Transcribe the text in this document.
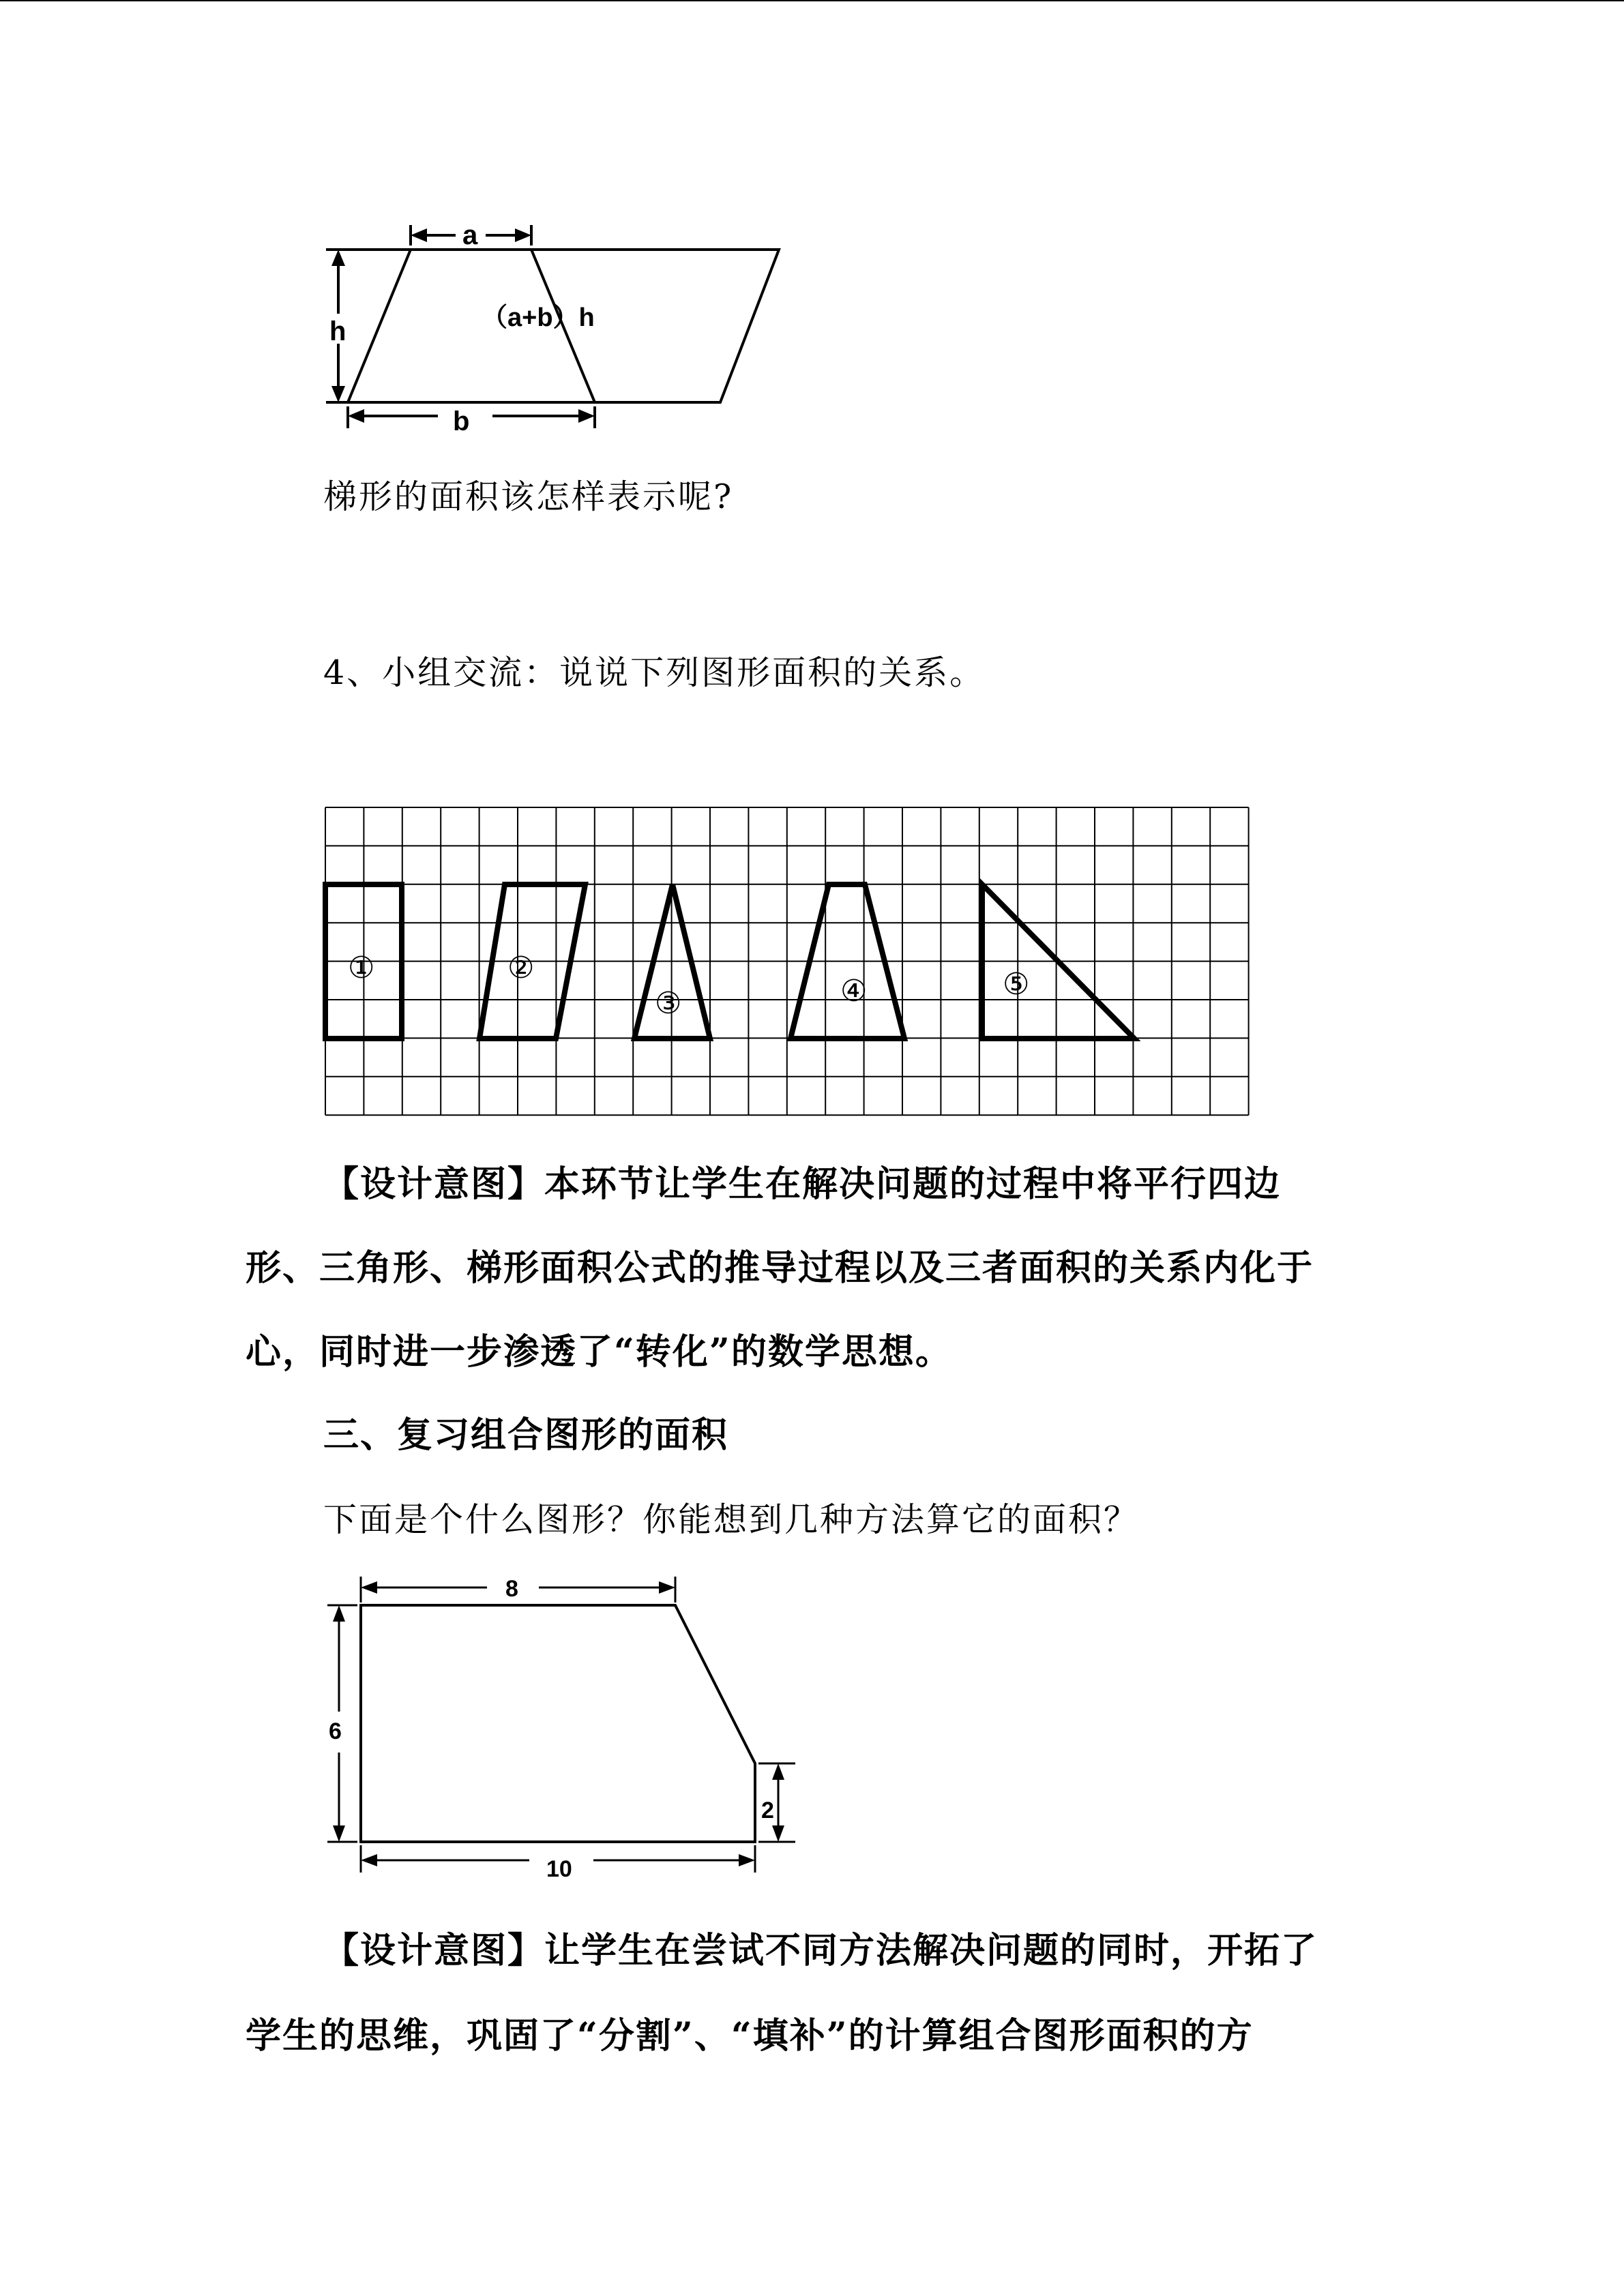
h
a
b
（a+b）h
梯形的面积该怎样表示呢?
4、小组交流：说说下列图形面积的关系。
①	②
③	④	⑤
【设计意图】本环节让学生在解决问题的过程中将平行四边
形、三角形、梯形面积公式的推导过程以及三者面积的关系内化于
心，同时进一步渗透了“转化”的数学思想。
三、复习组合图形的面积
下面是个什么图形？你能想到几种方法算它的面积？
8
6
2
10
【设计意图】让学生在尝试不同方法解决问题的同时，开拓了
学生的思维，巩固了“分割”、“填补”的计算组合图形面积的方
